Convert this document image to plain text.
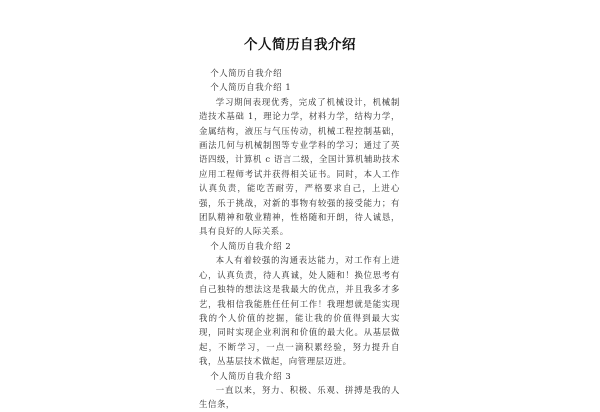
个人简历自我介绍

个人简历自我介绍

个人简历自我介绍 1

学习期间表现优秀，完成了机械设计，机械制造技术基础 1，理论力学，材料力学，结构力学，金属结构，液压与气压传动，机械工程控制基础，画法几何与机械制图等专业学科的学习；通过了英语四级，计算机 c 语言二级，全国计算机辅助技术应用工程师考试并获得相关证书。同时，本人工作认真负责，能吃苦耐劳，严格要求自己，上进心强，乐于挑战，对新的事物有较强的接受能力；有团队精神和敬业精神，性格随和开朗，待人诚恳，具有良好的人际关系。

个人简历自我介绍 2

本人有着较强的沟通表达能力，对工作有上进心，认真负责，待人真诚，处人随和！换位思考有自己独特的想法这是我最大的优点，并且我多才多艺，我相信我能胜任任何工作！我理想就是能实现我的个人价值的挖掘，能让我的价值得到最大实现，同时实现企业利润和价值的最大化。从基层做起，不断学习，一点一滴积累经验，努力提升自我，丛基层技术做起，向管理层迈进。

个人简历自我介绍 3

一直以来，努力、积极、乐观、拼搏是我的人生信条，
